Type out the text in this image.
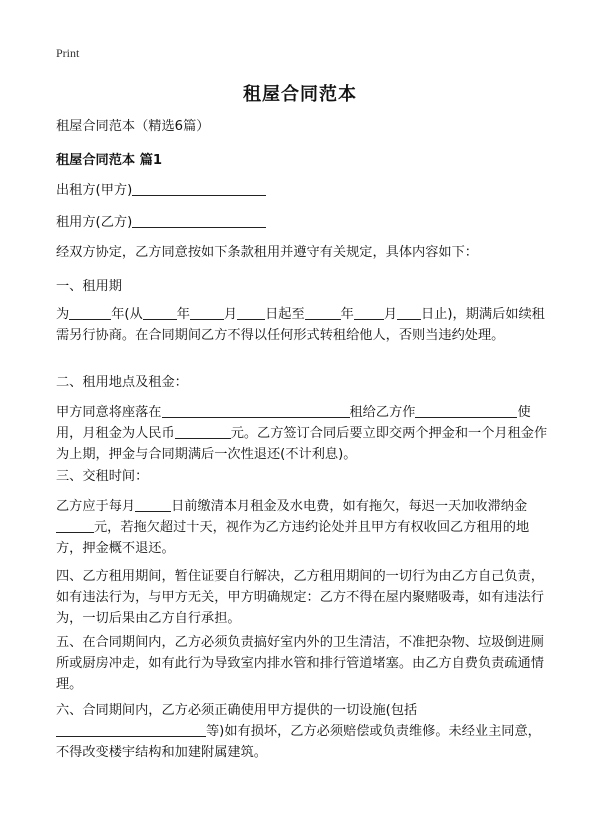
Print
租屋合同范本
租屋合同范本（精选6篇）
租屋合同范本 篇1
出租方(甲方)
租用方(乙方)
经双方协定，乙方同意按如下条款租用并遵守有关规定，具体内容如下：
一、租用期
为	年(从	年	月 日起至	年 月 日止)，期满后如续租需另行协商。在合同期间乙方不得以任何形式转租给他人，否则当违约处理。
二、租用地点及租金：
甲方同意将座落在	租给乙方作	使用，月租金为人民币	元。乙方签订合同后要立即交两个押金和一个月租金作为上期，押金与合同期满后一次性退还(不计利息)。
三、交租时间：
乙方应于每月	日前缴清本月租金及水电费，如有拖欠，每迟一天加收滞纳金元，若拖欠超过十天，视作为乙方违约论处并且甲方有权收回乙方租用的地方，押金概不退还。
四、乙方租用期间，暂住证要自行解决，乙方租用期间的一切行为由乙方自己负责，如有违法行为，与甲方无关，甲方明确规定：乙方不得在屋内聚赌吸毒，如有违法行为，一切后果由乙方自行承担。
五、在合同期间内，乙方必须负责搞好室内外的卫生清洁，不准把杂物、垃圾倒进厕所或厨房冲走，如有此行为导致室内排水管和排行管道堵塞。由乙方自费负责疏通情理。
六、合同期间内，乙方必须正确使用甲方提供的一切设施(包括等)如有损坏，乙方必须赔偿或负责维修。未经业主同意，不得改变楼宇结构和加建附属建筑。
